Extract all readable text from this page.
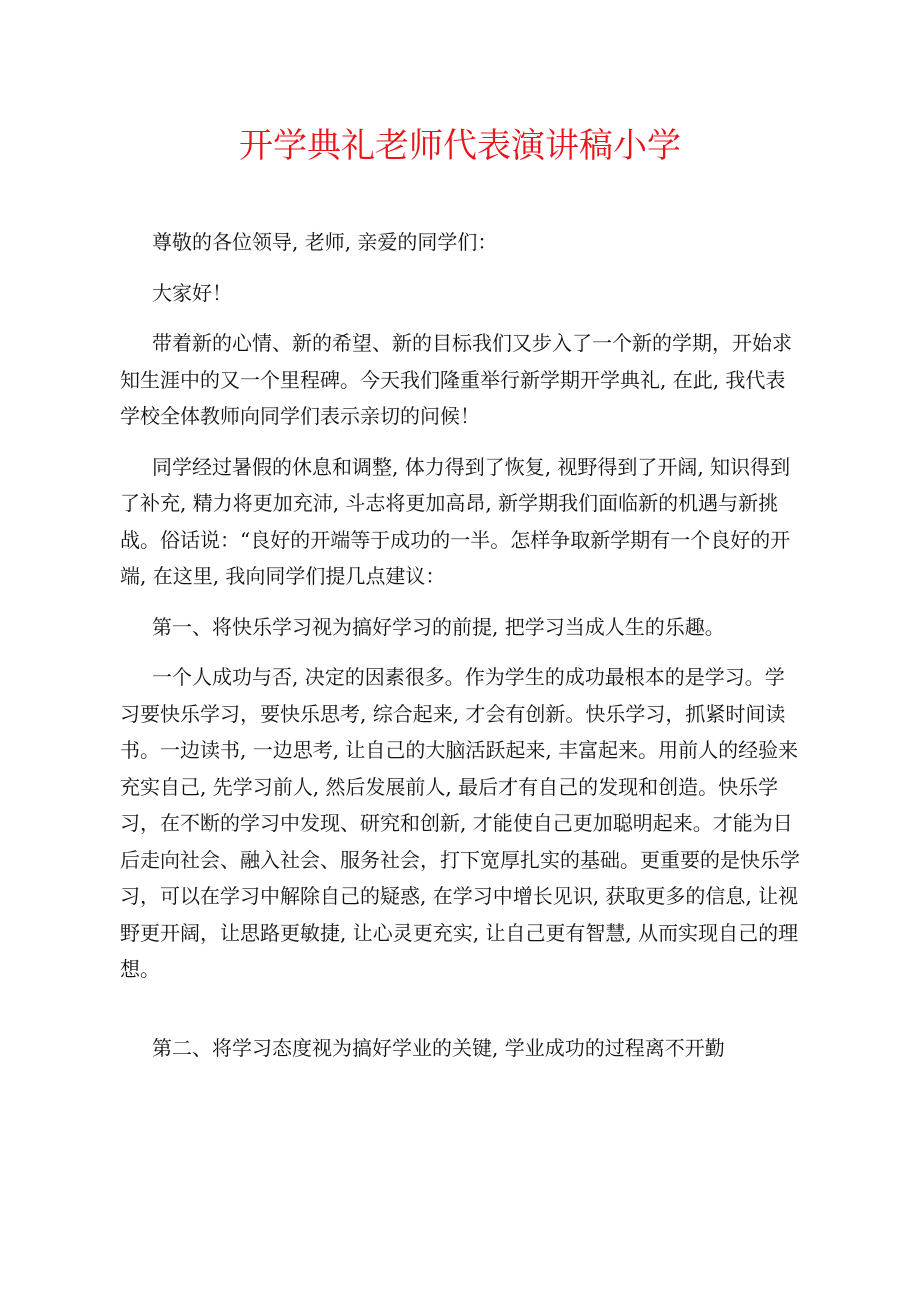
开学典礼老师代表演讲稿小学

尊敬的各位领导, 老师, 亲爱的同学们：

大家好！

带着新的心情、新的希望、新的目标我们又步入了一个新的学期，开始求知生涯中的又一个里程碑。今天我们隆重举行新学期开学典礼, 在此, 我代表学校全体教师向同学们表示亲切的问候！

同学经过暑假的休息和调整, 体力得到了恢复, 视野得到了开阔, 知识得到了补充, 精力将更加充沛, 斗志将更加高昂, 新学期我们面临新的机遇与新挑战。俗话说：“良好的开端等于成功的一半。怎样争取新学期有一个良好的开端, 在这里, 我向同学们提几点建议：

第一、将快乐学习视为搞好学习的前提, 把学习当成人生的乐趣。

一个人成功与否, 决定的因素很多。作为学生的成功最根本的是学习。学习要快乐学习，要快乐思考, 综合起来, 才会有创新。快乐学习，抓紧时间读书。一边读书, 一边思考, 让自己的大脑活跃起来, 丰富起来。用前人的经验来充实自己, 先学习前人, 然后发展前人, 最后才有自己的发现和创造。快乐学习，在不断的学习中发现、研究和创新, 才能使自己更加聪明起来。才能为日后走向社会、融入社会、服务社会，打下宽厚扎实的基础。更重要的是快乐学习，可以在学习中解除自己的疑惑, 在学习中增长见识, 获取更多的信息, 让视野更开阔，让思路更敏捷, 让心灵更充实, 让自己更有智慧, 从而实现自己的理想。

第二、将学习态度视为搞好学业的关键, 学业成功的过程离不开勤
